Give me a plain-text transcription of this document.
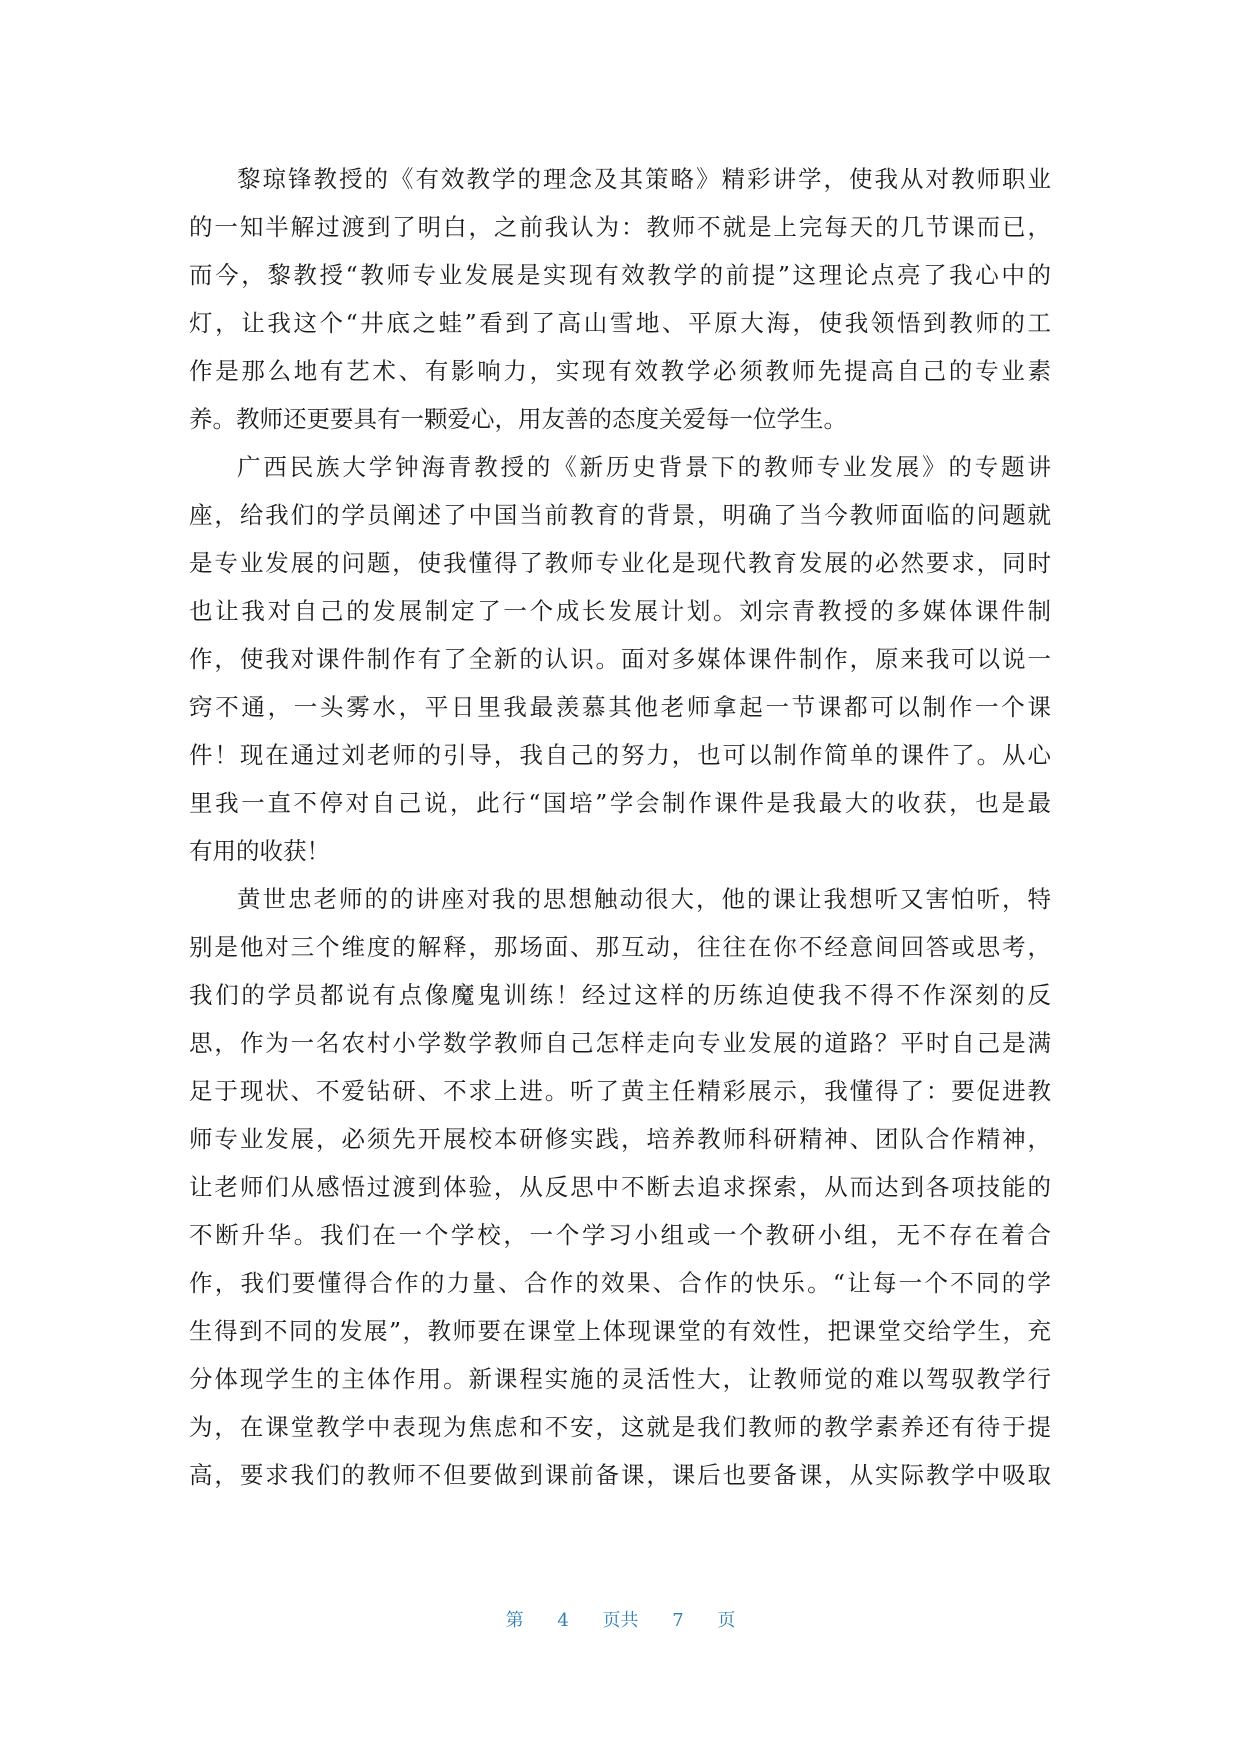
黎琼锋教授的《有效教学的理念及其策略》精彩讲学，使我从对教师职业
的一知半解过渡到了明白，之前我认为：教师不就是上完每天的几节课而已，
而今，黎教授“教师专业发展是实现有效教学的前提”这理论点亮了我心中的
灯，让我这个“井底之蛙”看到了高山雪地、平原大海，使我领悟到教师的工
作是那么地有艺术、有影响力，实现有效教学必须教师先提高自己的专业素
养。教师还更要具有一颗爱心，用友善的态度关爱每一位学生。
广西民族大学钟海青教授的《新历史背景下的教师专业发展》的专题讲
座，给我们的学员阐述了中国当前教育的背景，明确了当今教师面临的问题就
是专业发展的问题，使我懂得了教师专业化是现代教育发展的必然要求，同时
也让我对自己的发展制定了一个成长发展计划。刘宗青教授的多媒体课件制
作，使我对课件制作有了全新的认识。面对多媒体课件制作，原来我可以说一
窍不通，一头雾水，平日里我最羡慕其他老师拿起一节课都可以制作一个课
件！现在通过刘老师的引导，我自己的努力，也可以制作简单的课件了。从心
里我一直不停对自己说，此行“国培”学会制作课件是我最大的收获，也是最
有用的收获！
黄世忠老师的的讲座对我的思想触动很大，他的课让我想听又害怕听，特
别是他对三个维度的解释，那场面、那互动，往往在你不经意间回答或思考，
我们的学员都说有点像魔鬼训练！经过这样的历练迫使我不得不作深刻的反
思，作为一名农村小学数学教师自己怎样走向专业发展的道路？平时自己是满
足于现状、不爱钻研、不求上进。听了黄主任精彩展示，我懂得了：要促进教
师专业发展，必须先开展校本研修实践，培养教师科研精神、团队合作精神，
让老师们从感悟过渡到体验，从反思中不断去追求探索，从而达到各项技能的
不断升华。我们在一个学校，一个学习小组或一个教研小组，无不存在着合
作，我们要懂得合作的力量、合作的效果、合作的快乐。“让每一个不同的学
生得到不同的发展”，教师要在课堂上体现课堂的有效性，把课堂交给学生，充
分体现学生的主体作用。新课程实施的灵活性大，让教师觉的难以驾驭教学行
为，在课堂教学中表现为焦虑和不安，这就是我们教师的教学素养还有待于提
高，要求我们的教师不但要做到课前备课，课后也要备课，从实际教学中吸取
第 4 页共 7 页
